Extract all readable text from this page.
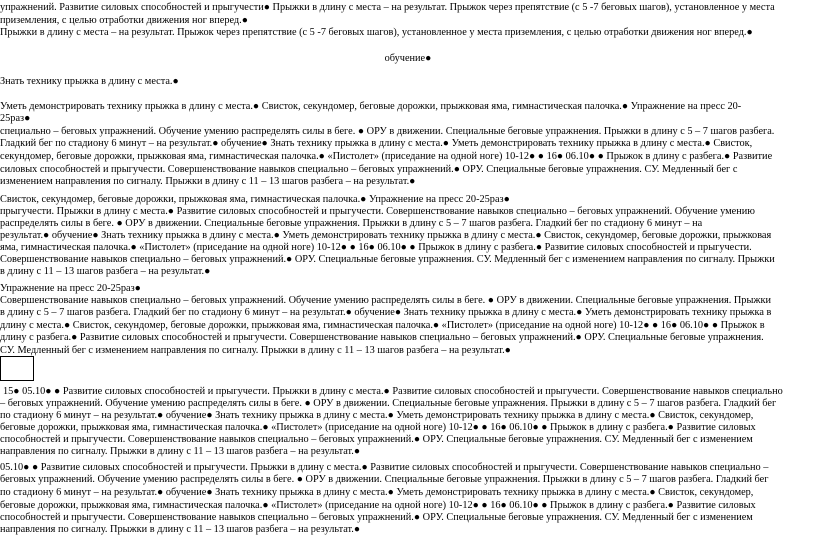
упражнений. Развитие силовых способностей и прыгучести● Прыжки в длину с места – на результат. Прыжок через препятствие (с 5 -7 беговых шагов), установленное у места
приземления, с целью отработки движения ног вперед.●
Прыжки в длину с места – на результат. Прыжок через препятствие (с 5 -7 беговых шагов), установленное у места приземления, с целью отработки движения ног вперед.●
обучение●
Знать технику прыжка в длину с места.●
Уметь демонстрировать технику прыжка в длину с места.● Свисток, секундомер, беговые дорожки, прыжковая яма, гимнастическая палочка.● Упражнение на пресс 20-
25раз●
специально – беговых упражнений. Обучение умению распределять силы в беге. ● ОРУ в движении. Специальные беговые упражнения. Прыжки в длину с 5 – 7 шагов разбега.
Гладкий бег по стадиону 6 минут – на результат.● обучение● Знать технику прыжка в длину с места.● Уметь демонстрировать технику прыжка в длину с места.● Свисток,
секундомер, беговые дорожки, прыжковая яма, гимнастическая палочка.● «Пистолет» (приседание на одной ноге) 10-12● ● 16● 06.10● ● Прыжок в длину с разбега.● Развитие
силовых способностей и прыгучести. Совершенствование навыков специально – беговых упражнений.● ОРУ. Специальные беговые упражнения. СУ. Медленный бег с
изменением направления по сигналу. Прыжки в длину с 11 – 13 шагов разбега – на результат.●
Свисток, секундомер, беговые дорожки, прыжковая яма, гимнастическая палочка.● Упражнение на пресс 20-25раз●
прыгучести. Прыжки в длину с места.● Развитие силовых способностей и прыгучести. Совершенствование навыков специально – беговых упражнений. Обучение умению
распределять силы в беге. ● ОРУ в движении. Специальные беговые упражнения. Прыжки в длину с 5 – 7 шагов разбега. Гладкий бег по стадиону 6 минут – на
результат.● обучение● Знать технику прыжка в длину с места.● Уметь демонстрировать технику прыжка в длину с места.● Свисток, секундомер, беговые дорожки, прыжковая
яма, гимнастическая палочка.● «Пистолет» (приседание на одной ноге) 10-12● ● 16● 06.10● ● Прыжок в длину с разбега.● Развитие силовых способностей и прыгучести.
Совершенствование навыков специально – беговых упражнений.● ОРУ. Специальные беговые упражнения. СУ. Медленный бег с изменением направления по сигналу. Прыжки
в длину с 11 – 13 шагов разбега – на результат.●
Упражнение на пресс 20-25раз●
Совершенствование навыков специально – беговых упражнений. Обучение умению распределять силы в беге. ● ОРУ в движении. Специальные беговые упражнения. Прыжки
в длину с 5 – 7 шагов разбега. Гладкий бег по стадиону 6 минут – на результат.● обучение● Знать технику прыжка в длину с места.● Уметь демонстрировать технику прыжка в
длину с места.● Свисток, секундомер, беговые дорожки, прыжковая яма, гимнастическая палочка.● «Пистолет» (приседание на одной ноге) 10-12● ● 16● 06.10● ● Прыжок в
длину с разбега.● Развитие силовых способностей и прыгучести. Совершенствование навыков специально – беговых упражнений.● ОРУ. Специальные беговые упражнения.
СУ. Медленный бег с изменением направления по сигналу. Прыжки в длину с 11 – 13 шагов разбега – на результат.●
15● 05.10● ● Развитие силовых способностей и прыгучести. Прыжки в длину с места.● Развитие силовых способностей и прыгучести. Совершенствование навыков специально
– беговых упражнений. Обучение умению распределять силы в беге. ● ОРУ в движении. Специальные беговые упражнения. Прыжки в длину с 5 – 7 шагов разбега. Гладкий бег
по стадиону 6 минут – на результат.● обучение● Знать технику прыжка в длину с места.● Уметь демонстрировать технику прыжка в длину с места.● Свисток, секундомер,
беговые дорожки, прыжковая яма, гимнастическая палочка.● «Пистолет» (приседание на одной ноге) 10-12● ● 16● 06.10● ● Прыжок в длину с разбега.● Развитие силовых
способностей и прыгучести. Совершенствование навыков специально – беговых упражнений.● ОРУ. Специальные беговые упражнения. СУ. Медленный бег с изменением
направления по сигналу. Прыжки в длину с 11 – 13 шагов разбега – на результат.●
05.10● ● Развитие силовых способностей и прыгучести. Прыжки в длину с места.● Развитие силовых способностей и прыгучести. Совершенствование навыков специально –
беговых упражнений. Обучение умению распределять силы в беге. ● ОРУ в движении. Специальные беговые упражнения. Прыжки в длину с 5 – 7 шагов разбега. Гладкий бег
по стадиону 6 минут – на результат.● обучение● Знать технику прыжка в длину с места.● Уметь демонстрировать технику прыжка в длину с места.● Свисток, секундомер,
беговые дорожки, прыжковая яма, гимнастическая палочка.● «Пистолет» (приседание на одной ноге) 10-12● ● 16● 06.10● ● Прыжок в длину с разбега.● Развитие силовых
способностей и прыгучести. Совершенствование навыков специально – беговых упражнений.● ОРУ. Специальные беговые упражнения. СУ. Медленный бег с изменением
направления по сигналу. Прыжки в длину с 11 – 13 шагов разбега – на результат.●
